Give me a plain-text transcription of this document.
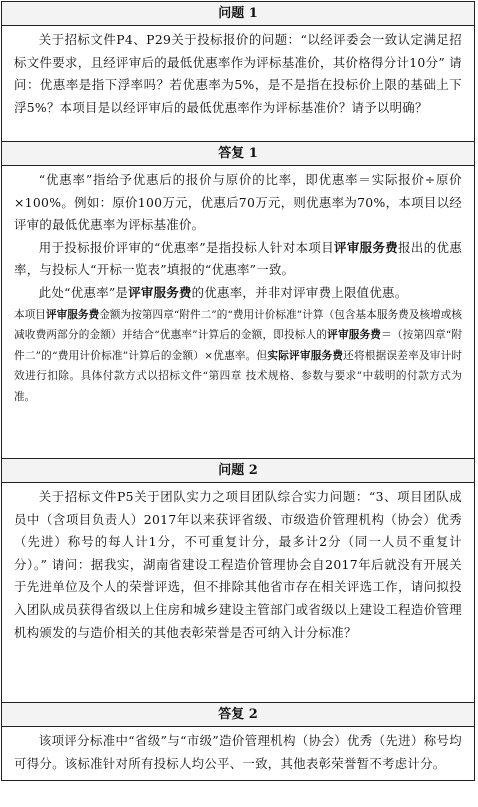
问题 1

关于招标文件P4、P29关于投标报价的问题：“以经评委会一致认定满足招标文件要求，且经评审后的最低优惠率作为评标基准价，其价格得分计10分” 请问：优惠率是指下浮率吗？若优惠率为5%，是不是指在投标价上限的基础上下浮5%？本项目是以经评审后的最低优惠率作为评标基准价？请予以明确？

答复 1

“优惠率”指给予优惠后的报价与原价的比率，即优惠率＝实际报价÷原价×100%。例如：原价100万元，优惠后70万元，则优惠率为70%，本项目以经评审的最低优惠率为评标基准价。

用于投标报价评审的“优惠率”是指投标人针对本项目评审服务费报出的优惠率，与投标人“开标一览表”填报的“优惠率”一致。

此处“优惠率”是评审服务费的优惠率，并非对评审费上限值优惠。

本项目评审服务费金额为按第四章“附件二”的“费用计价标准”计算（包含基本服务费及核增或核减收费两部分的金额）并结合“优惠率”计算后的金额，即投标人的评审服务费＝（按第四章“附件二”的“费用计价标准”计算后的金额）×优惠率。但实际评审服务费还将根据误差率及审计时效进行扣除。具体付款方式以招标文件“第四章 技术规格、参数与要求”中载明的付款方式为准。

问题 2

关于招标文件P5关于团队实力之项目团队综合实力问题：“3、项目团队成员中（含项目负责人）2017年以来获评省级、市级造价管理机构（协会）优秀（先进）称号的每人计1分，不可重复计分，最多计2分（同一人员不重复计分）。” 请问：据我实，湖南省建设工程造价管理协会自2017年后就没有开展关于先进单位及个人的荣誉评选，但不排除其他省市存在相关评选工作，请问拟投入团队成员获得省级以上住房和城乡建设主管部门或省级以上建设工程造价管理机构颁发的与造价相关的其他表彰荣誉是否可纳入计分标准？

答复 2

该项评分标准中“省级”与“市级”造价管理机构（协会）优秀（先进）称号均可得分。该标准针对所有投标人均公平、一致，其他表彰荣誉暂不考虑计分。
